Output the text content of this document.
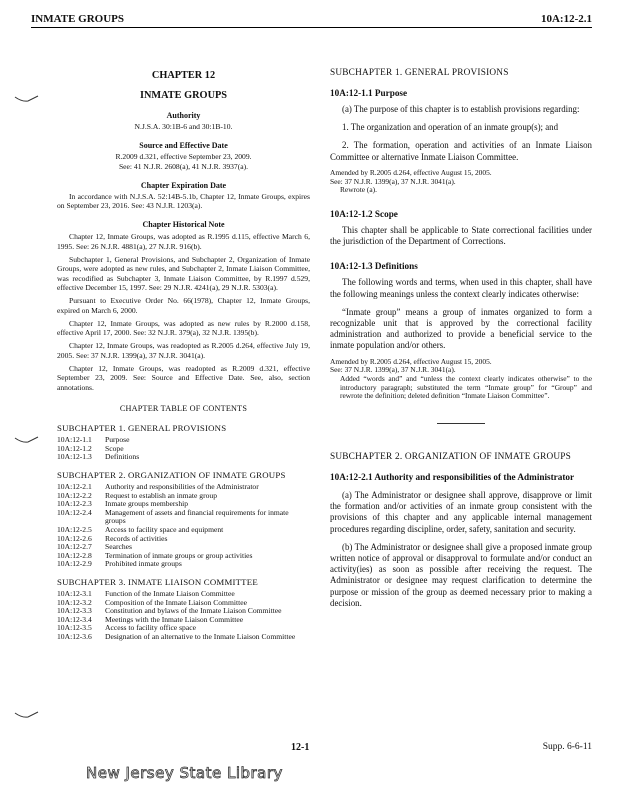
INMATE GROUPS	10A:12-2.1

CHAPTER 12

INMATE GROUPS

Authority

N.J.S.A. 30:1B-6 and 30:1B-10.

Source and Effective Date

R.2009 d.321, effective September 23, 2009.

See: 41 N.J.R. 2608(a), 41 N.J.R. 3937(a).

Chapter Expiration Date

In accordance with N.J.S.A. 52:14B-5.1b, Chapter 12, Inmate Groups, expires on September 23, 2016. See: 43 N.J.R. 1203(a).

Chapter Historical Note

Chapter 12, Inmate Groups, was adopted as R.1995 d.115, effective March 6, 1995. See: 26 N.J.R. 4881(a), 27 N.J.R. 916(b).

Subchapter 1, General Provisions, and Subchapter 2, Organization of Inmate Groups, were adopted as new rules, and Subchapter 2, Inmate Liaison Committee, was recodified as Subchapter 3, Inmate Liaison Committee, by R.1997 d.529, effective December 15, 1997. See: 29 N.J.R. 4241(a), 29 N.J.R. 5303(a).

Pursuant to Executive Order No. 66(1978), Chapter 12, Inmate Groups, expired on March 6, 2000.

Chapter 12, Inmate Groups, was adopted as new rules by R.2000 d.158, effective April 17, 2000. See: 32 N.J.R. 379(a), 32 N.J.R. 1395(b).

Chapter 12, Inmate Groups, was readopted as R.2005 d.264, effective July 19, 2005. See: 37 N.J.R. 1399(a), 37 N.J.R. 3041(a).

Chapter 12, Inmate Groups, was readopted as R.2009 d.321, effective September 23, 2009. See: Source and Effective Date. See, also, section annotations.

CHAPTER TABLE OF CONTENTS

SUBCHAPTER 1. GENERAL PROVISIONS

10A:12-1.1	Purpose
10A:12-1.2	Scope
10A:12-1.3	Definitions

SUBCHAPTER 2. ORGANIZATION OF INMATE GROUPS

10A:12-2.1	Authority and responsibilities of the Administrator
10A:12-2.2	Request to establish an inmate group
10A:12-2.3	Inmate groups membership
10A:12-2.4	Management of assets and financial requirements for inmate groups
10A:12-2.5	Access to facility space and equipment
10A:12-2.6	Records of activities
10A:12-2.7	Searches
10A:12-2.8	Termination of inmate groups or group activities
10A:12-2.9	Prohibited inmate groups

SUBCHAPTER 3. INMATE LIAISON COMMITTEE

10A:12-3.1	Function of the Inmate Liaison Committee
10A:12-3.2	Composition of the Inmate Liaison Committee
10A:12-3.3	Constitution and bylaws of the Inmate Liaison Committee
10A:12-3.4	Meetings with the Inmate Liaison Committee
10A:12-3.5	Access to facility office space
10A:12-3.6	Designation of an alternative to the Inmate Liaison Committee

SUBCHAPTER 1. GENERAL PROVISIONS

10A:12-1.1 Purpose

(a) The purpose of this chapter is to establish provisions regarding:

1. The organization and operation of an inmate group(s); and

2. The formation, operation and activities of an Inmate Liaison Committee or alternative Inmate Liaison Committee.

Amended by R.2005 d.264, effective August 15, 2005.

See: 37 N.J.R. 1399(a), 37 N.J.R. 3041(a).

Rewrote (a).

10A:12-1.2 Scope

This chapter shall be applicable to State correctional facilities under the jurisdiction of the Department of Corrections.

10A:12-1.3 Definitions

The following words and terms, when used in this chapter, shall have the following meanings unless the context clearly indicates otherwise:

“Inmate group” means a group of inmates organized to form a recognizable unit that is approved by the correctional facility administration and authorized to provide a beneficial service to the inmate population and/or others.

Amended by R.2005 d.264, effective August 15, 2005.

See: 37 N.J.R. 1399(a), 37 N.J.R. 3041(a).

Added “words and” and “unless the context clearly indicates otherwise” to the introductory paragraph; substituted the term “Inmate group” for “Group” and rewrote the definition; deleted definition “Inmate Liaison Committee”.

SUBCHAPTER 2. ORGANIZATION OF INMATE GROUPS

10A:12-2.1 Authority and responsibilities of the Administrator

(a) The Administrator or designee shall approve, disapprove or limit the formation and/or activities of an inmate group consistent with the provisions of this chapter and any applicable internal management procedures regarding discipline, order, safety, sanitation and security.

(b) The Administrator or designee shall give a proposed inmate group written notice of approval or disapproval to formulate and/or conduct an activity(ies) as soon as possible after receiving the request. The Administrator or designee may request clarification to determine the purpose or mission of the group as deemed necessary prior to making a decision.

12-1	Supp. 6-6-11
New Jersey State Library
